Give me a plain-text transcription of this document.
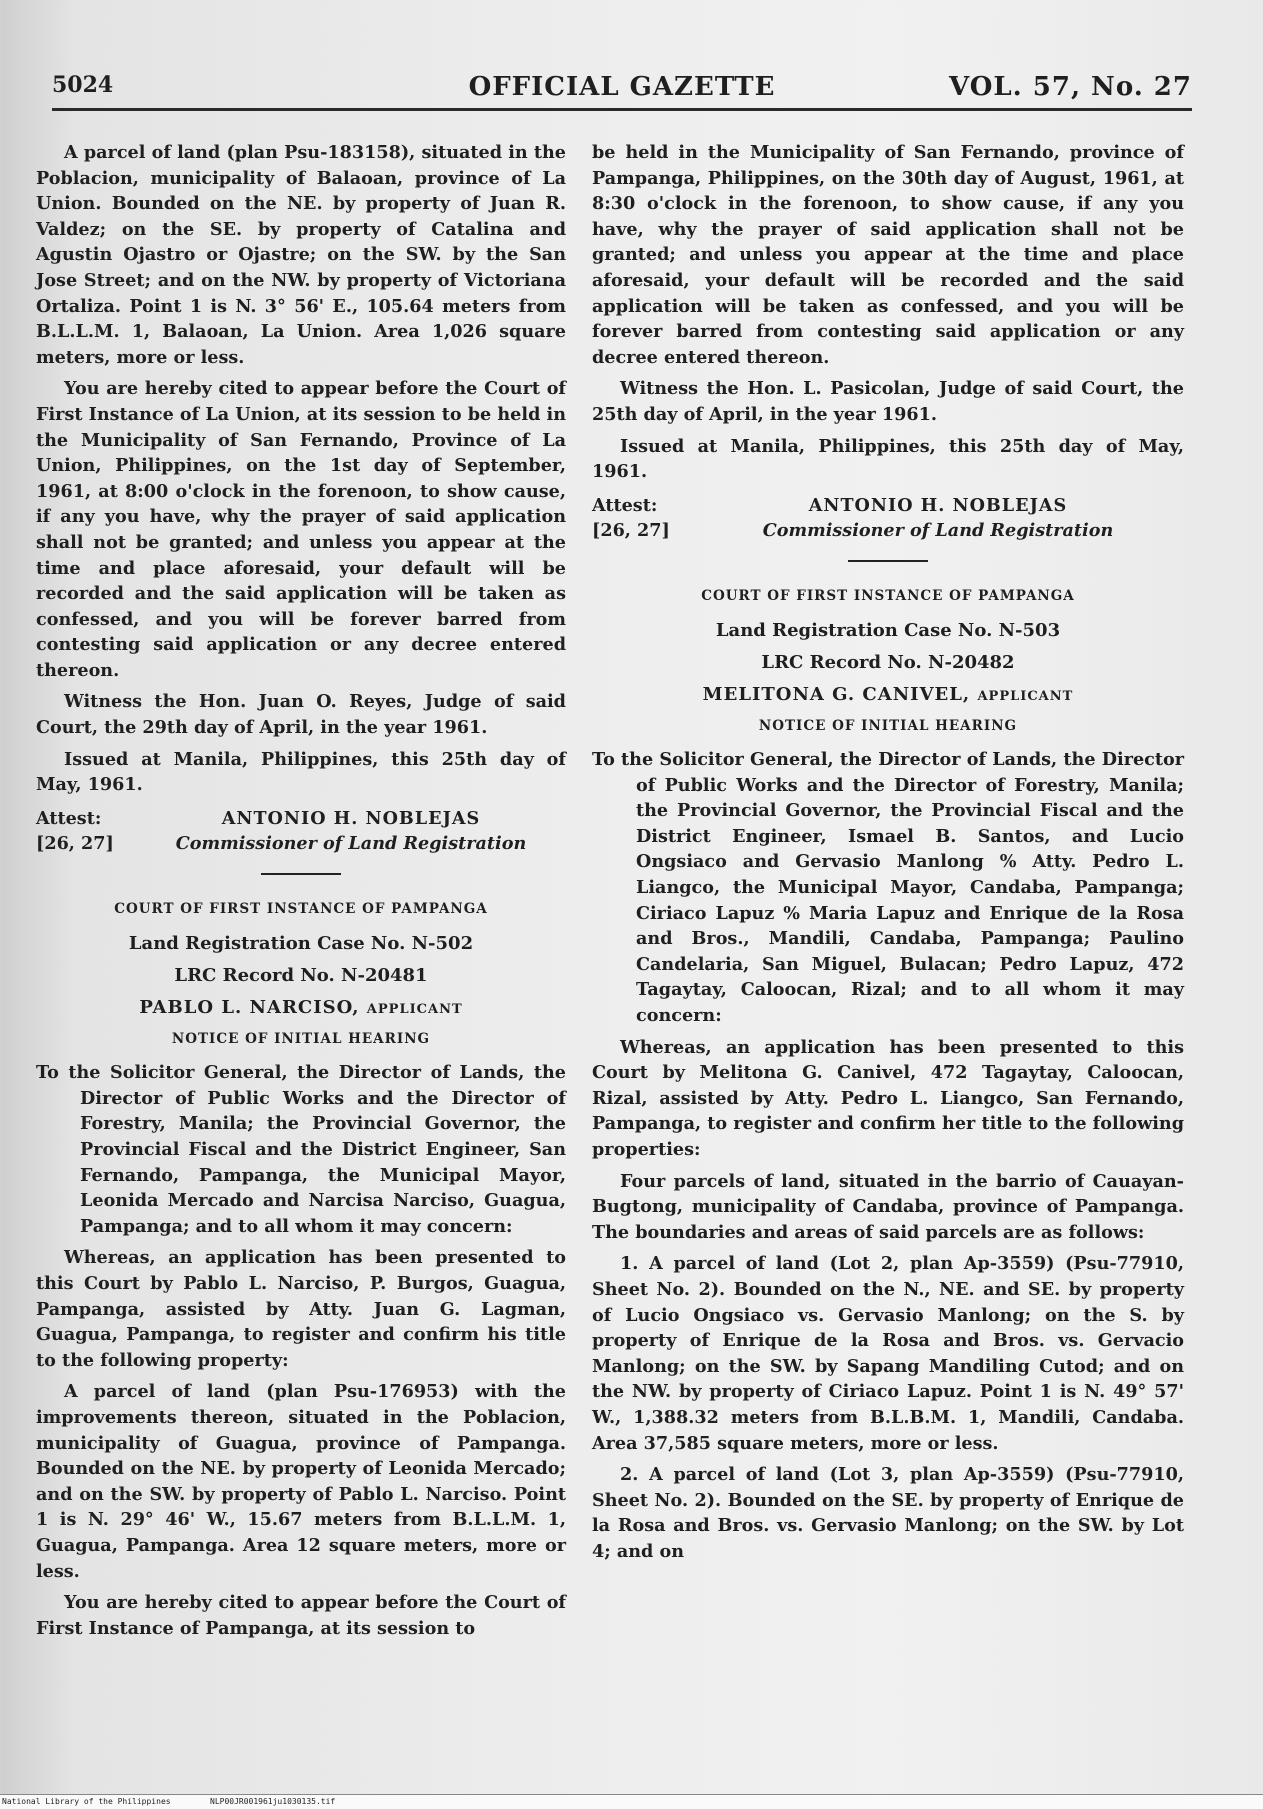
OFFICIAL GAZETTE
5024	VOL. 57, No. 27

A parcel of land (plan Psu-183158), situated in the Poblacion, municipality of Balaoan, province of La Union. Bounded on the NE. by property of Juan R. Valdez; on the SE. by property of Catalina and Agustin Ojastro or Ojastre; on the SW. by the San Jose Street; and on the NW. by property of Victoriana Ortaliza. Point 1 is N. 3° 56' E., 105.64 meters from B.L.L.M. 1, Balaoan, La Union. Area 1,026 square meters, more or less.

You are hereby cited to appear before the Court of First Instance of La Union, at its session to be held in the Municipality of San Fernando, Province of La Union, Philippines, on the 1st day of September, 1961, at 8:00 o'clock in the forenoon, to show cause, if any you have, why the prayer of said application shall not be granted; and unless you appear at the time and place aforesaid, your default will be recorded and the said application will be taken as confessed, and you will be forever barred from contesting said application or any decree entered thereon.

Witness the Hon. Juan O. Reyes, Judge of said Court, the 29th day of April, in the year 1961.

Issued at Manila, Philippines, this 25th day of May, 1961.

Attest:
[26, 27]
ANTONIO H. NOBLEJAS
Commissioner of Land Registration
COURT OF FIRST INSTANCE OF PAMPANGA
Land Registration Case No. N-502
LRC Record No. N-20481
PABLO L. NARCISO, applicant
NOTICE OF INITIAL HEARING

To the Solicitor General, the Director of Lands, the Director of Public Works and the Director of Forestry, Manila; the Provincial Governor, the Provincial Fiscal and the District Engineer, San Fernando, Pampanga, the Municipal Mayor, Leonida Mercado and Narcisa Narciso, Guagua, Pampanga; and to all whom it may concern:

Whereas, an application has been presented to this Court by Pablo L. Narciso, P. Burgos, Guagua, Pampanga, assisted by Atty. Juan G. Lagman, Guagua, Pampanga, to register and confirm his title to the following property:

A parcel of land (plan Psu-176953) with the improvements thereon, situated in the Poblacion, municipality of Guagua, province of Pampanga. Bounded on the NE. by property of Leonida Mercado; and on the SW. by property of Pablo L. Narciso. Point 1 is N. 29° 46' W., 15.67 meters from B.L.L.M. 1, Guagua, Pampanga. Area 12 square meters, more or less.

You are hereby cited to appear before the Court of First Instance of Pampanga, at its session to

be held in the Municipality of San Fernando, province of Pampanga, Philippines, on the 30th day of August, 1961, at 8:30 o'clock in the forenoon, to show cause, if any you have, why the prayer of said application shall not be granted; and unless you appear at the time and place aforesaid, your default will be recorded and the said application will be taken as confessed, and you will be forever barred from contesting said application or any decree entered thereon.

Witness the Hon. L. Pasicolan, Judge of said Court, the 25th day of April, in the year 1961.

Issued at Manila, Philippines, this 25th day of May, 1961.

Attest:
[26, 27]
ANTONIO H. NOBLEJAS
Commissioner of Land Registration
COURT OF FIRST INSTANCE OF PAMPANGA
Land Registration Case No. N-503
LRC Record No. N-20482
MELITONA G. CANIVEL, applicant
NOTICE OF INITIAL HEARING

To the Solicitor General, the Director of Lands, the Director of Public Works and the Director of Forestry, Manila; the Provincial Governor, the Provincial Fiscal and the District Engineer, Ismael B. Santos, and Lucio Ongsiaco and Gervasio Manlong % Atty. Pedro L. Liangco, the Municipal Mayor, Candaba, Pampanga; Ciriaco Lapuz % Maria Lapuz and Enrique de la Rosa and Bros., Mandili, Candaba, Pampanga; Paulino Candelaria, San Miguel, Bulacan; Pedro Lapuz, 472 Tagaytay, Caloocan, Rizal; and to all whom it may concern:

Whereas, an application has been presented to this Court by Melitona G. Canivel, 472 Tagaytay, Caloocan, Rizal, assisted by Atty. Pedro L. Liangco, San Fernando, Pampanga, to register and confirm her title to the following properties:

Four parcels of land, situated in the barrio of Cauayan-Bugtong, municipality of Candaba, province of Pampanga. The boundaries and areas of said parcels are as follows:

1. A parcel of land (Lot 2, plan Ap-3559) (Psu-77910, Sheet No. 2). Bounded on the N., NE. and SE. by property of Lucio Ongsiaco vs. Gervasio Manlong; on the S. by property of Enrique de la Rosa and Bros. vs. Gervacio Manlong; on the SW. by Sapang Mandiling Cutod; and on the NW. by property of Ciriaco Lapuz. Point 1 is N. 49° 57' W., 1,388.32 meters from B.L.B.M. 1, Mandili, Candaba. Area 37,585 square meters, more or less.

2. A parcel of land (Lot 3, plan Ap-3559) (Psu-77910, Sheet No. 2). Bounded on the SE. by property of Enrique de la Rosa and Bros. vs. Gervasio Manlong; on the SW. by Lot 4; and on

National Library of the Philippines	NLP00JR001961ju1030135.tif
